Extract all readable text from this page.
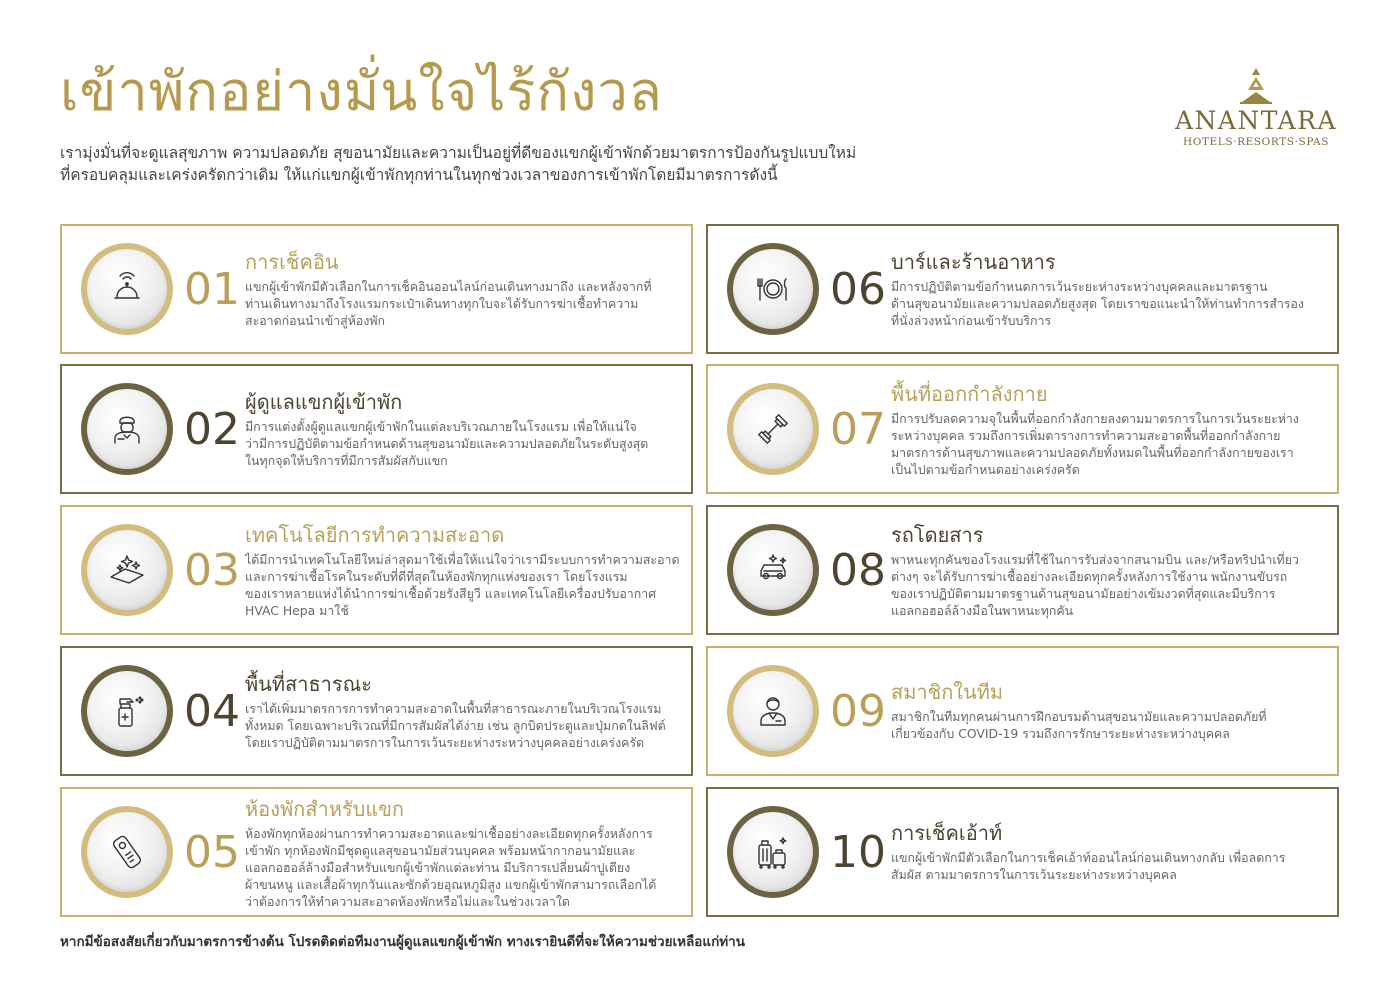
เข้าพักอย่างมั่นใจไร้กังวล
เรามุ่งมั่นที่จะดูแลสุขภาพ ความปลอดภัย สุขอนามัยและความเป็นอยู่ที่ดีของแขกผู้เข้าพักด้วยมาตรการป้องกันรูปแบบใหม่
ที่ครอบคลุมและเคร่งครัดกว่าเดิม ให้แก่แขกผู้เข้าพักทุกท่านในทุกช่วงเวลาของการเข้าพักโดยมีมาตรการดังนี้
ANANTARA
HOTELS·RESORTS·SPAS
01
การเช็คอิน
แขกผู้เข้าพักมีตัวเลือกในการเช็คอินออนไลน์ก่อนเดินทางมาถึง และหลังจากที่
ท่านเดินทางมาถึงโรงแรมกระเป๋าเดินทางทุกใบจะได้รับการฆ่าเชื้อทำความ
สะอาดก่อนนำเข้าสู่ห้องพัก
06
บาร์และร้านอาหาร
มีการปฏิบัติตามข้อกำหนดการเว้นระยะห่างระหว่างบุคคลและมาตรฐาน
ด้านสุขอนามัยและความปลอดภัยสูงสุด โดยเราขอแนะนำให้ท่านทำการสำรอง
ที่นั่งล่วงหน้าก่อนเข้ารับบริการ
02
ผู้ดูแลแขกผู้เข้าพัก
มีการแต่งตั้งผู้ดูแลแขกผู้เข้าพักในแต่ละบริเวณภายในโรงแรม เพื่อให้แน่ใจ
ว่ามีการปฏิบัติตามข้อกำหนดด้านสุขอนามัยและความปลอดภัยในระดับสูงสุด
ในทุกจุดให้บริการที่มีการสัมผัสกับแขก
07
พื้นที่ออกกำลังกาย
มีการปรับลดความจุในพื้นที่ออกกำลังกายลงตามมาตรการในการเว้นระยะห่าง
ระหว่างบุคคล รวมถึงการเพิ่มตารางการทำความสะอาดพื้นที่ออกกำลังกาย
มาตรการด้านสุขภาพและความปลอดภัยทั้งหมดในพื้นที่ออกกำลังกายของเรา
เป็นไปตามข้อกำหนดอย่างเคร่งครัด
03
เทคโนโลยีการทำความสะอาด
ได้มีการนำเทคโนโลยีใหม่ล่าสุดมาใช้เพื่อให้แน่ใจว่าเรามีระบบการทำความสะอาด
และการฆ่าเชื้อโรคในระดับที่ดีที่สุดในห้องพักทุกแห่งของเรา โดยโรงแรม
ของเราหลายแห่งได้นำการฆ่าเชื้อด้วยรังสียูวี และเทคโนโลยีเครื่องปรับอากาศ
HVAC Hepa มาใช้
08
รถโดยสาร
พาหนะทุกคันของโรงแรมที่ใช้ในการรับส่งจากสนามบิน และ/หรือทริปนำเที่ยว
ต่างๆ จะได้รับการฆ่าเชื้ออย่างละเอียดทุกครั้งหลังการใช้งาน พนักงานขับรถ
ของเราปฏิบัติตามมาตรฐานด้านสุขอนามัยอย่างเข้มงวดที่สุดและมีบริการ
แอลกอฮอล์ล้างมือในพาหนะทุกคัน
04
พื้นที่สาธารณะ
เราได้เพิ่มมาตรการการทำความสะอาดในพื้นที่สาธารณะภายในบริเวณโรงแรม
ทั้งหมด โดยเฉพาะบริเวณที่มีการสัมผัสได้ง่าย เช่น ลูกบิดประตูและปุ่มกดในลิฟต์
โดยเราปฏิบัติตามมาตรการในการเว้นระยะห่างระหว่างบุคคลอย่างเคร่งครัด
09 สมาชิกในทีม
สมาชิกในทีมทุกคนผ่านการฝึกอบรมด้านสุขอนามัยและความปลอดภัยที่
เกี่ยวข้องกับ COVID-19 รวมถึงการรักษาระยะห่างระหว่างบุคคล
05
ห้องพักสำหรับแขก
ห้องพักทุกห้องผ่านการทำความสะอาดและฆ่าเชื้ออย่างละเอียดทุกครั้งหลังการ
เข้าพัก ทุกห้องพักมีชุดดูแลสุขอนามัยส่วนบุคคล พร้อมหน้ากากอนามัยและ
แอลกอฮอล์ล้างมือสำหรับแขกผู้เข้าพักแต่ละท่าน มีบริการเปลี่ยนผ้าปูเตียง
ผ้าขนหนู และเสื้อผ้าทุกวันและซักด้วยอุณหภูมิสูง แขกผู้เข้าพักสามารถเลือกได้
ว่าต้องการให้ทำความสะอาดห้องพักหรือไม่และในช่วงเวลาใด
10 การเช็คเอ้าท์
แขกผู้เข้าพักมีตัวเลือกในการเช็คเอ้าท์ออนไลน์ก่อนเดินทางกลับ เพื่อลดการ
สัมผัส ตามมาตรการในการเว้นระยะห่างระหว่างบุคคล
หากมีข้อสงสัยเกี่ยวกับมาตรการข้างต้น โปรดติดต่อทีมงานผู้ดูแลแขกผู้เข้าพัก ทางเรายินดีที่จะให้ความช่วยเหลือแก่ท่าน
